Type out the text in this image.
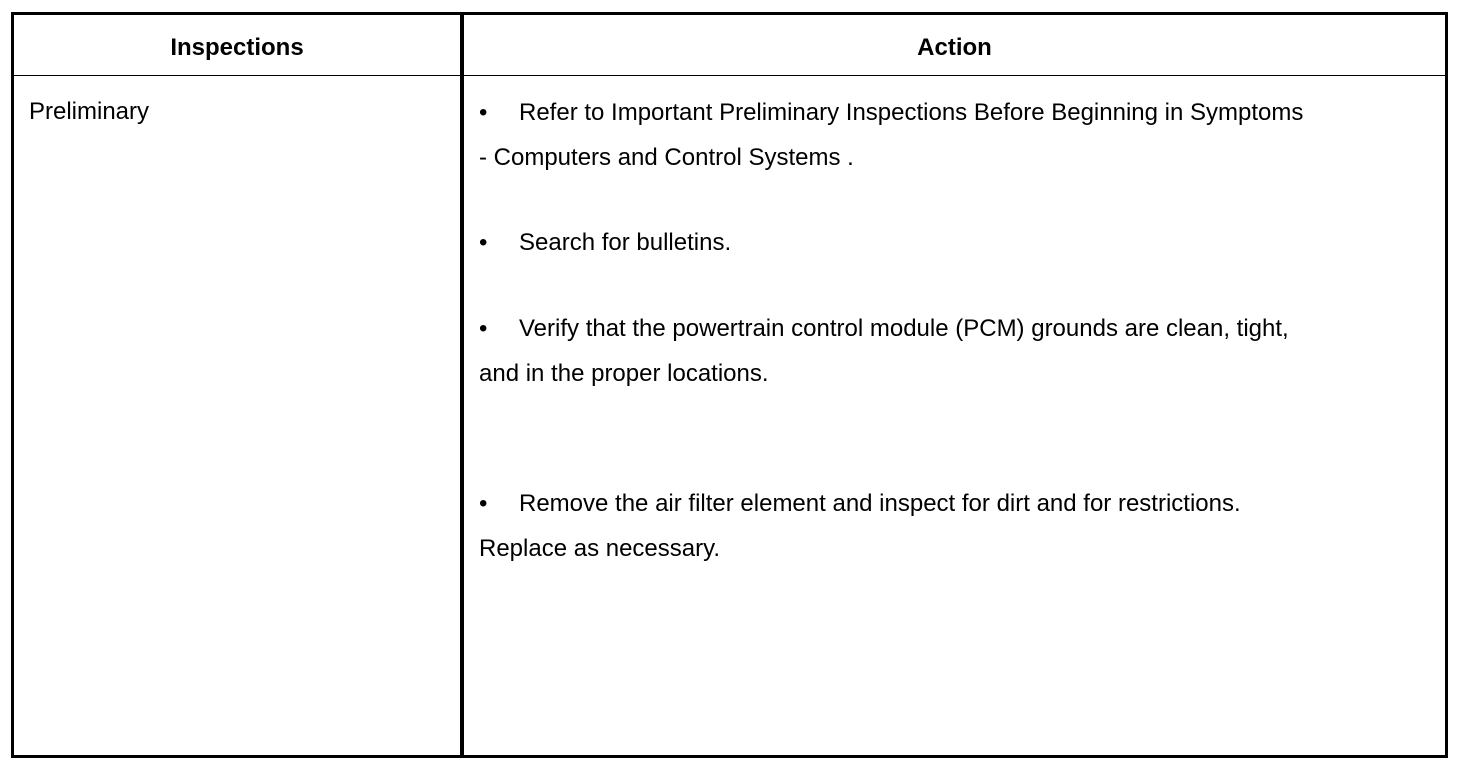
Inspections	Action
Preliminary	• Refer to Important Preliminary Inspections Before Beginning in Symptoms - Computers and Control Systems .
• Search for bulletins.
• Verify that the powertrain control module (PCM) grounds are clean, tight, and in the proper locations.
• Remove the air filter element and inspect for dirt and for restrictions. Replace as necessary.
